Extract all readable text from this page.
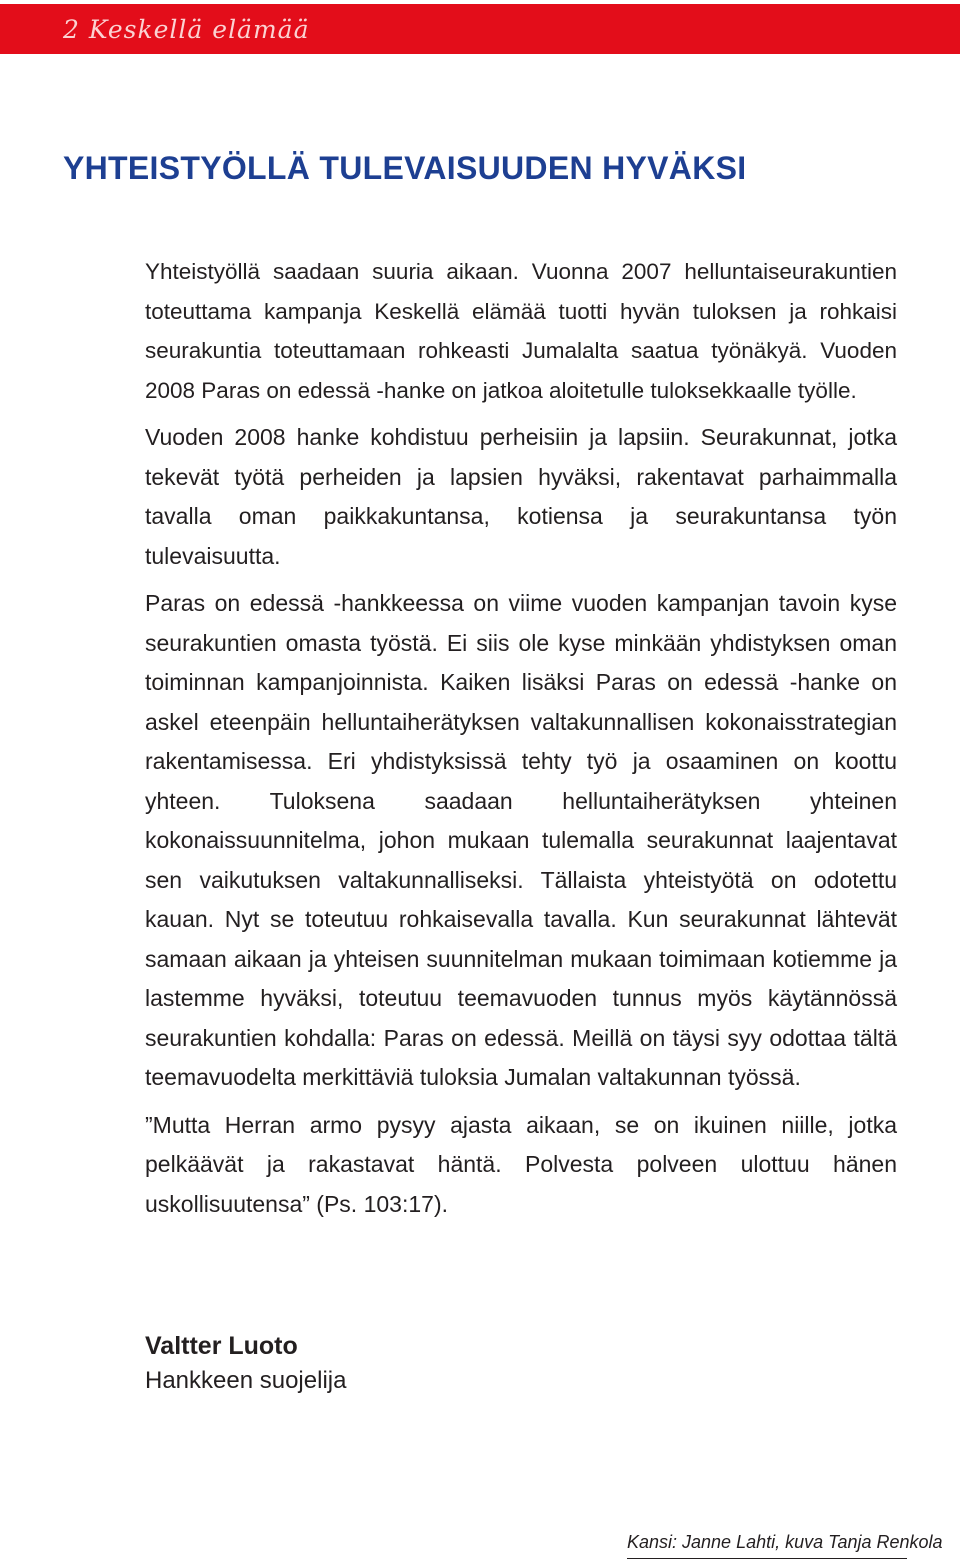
2 Keskellä elämää
YHTEISTYÖLLÄ TULEVAISUUDEN HYVÄKSI

Yhteistyöllä saadaan suuria aikaan. Vuonna 2007 helluntaiseurakuntien toteuttama kampanja Keskellä elämää tuotti hyvän tuloksen ja rohkaisi seurakuntia toteuttamaan rohkeasti Jumalalta saatua työnäkyä. Vuoden 2008 Paras on edessä -hanke on jatkoa aloitetulle tuloksekkaalle työlle.

Vuoden 2008 hanke kohdistuu perheisiin ja lapsiin. Seurakunnat, jotka tekevät työtä perheiden ja lapsien hyväksi, rakentavat parhaimmalla tavalla oman paikkakuntansa, kotiensa ja seurakuntansa työn tulevaisuutta.

Paras on edessä -hankkeessa on viime vuoden kampanjan tavoin kyse seurakuntien omasta työstä. Ei siis ole kyse minkään yhdistyksen oman toiminnan kampanjoinnista. Kaiken lisäksi Paras on edessä -hanke on askel eteenpäin helluntaiherätyksen valtakunnallisen kokonaisstrategian rakentamisessa. Eri yhdistyksissä tehty työ ja osaaminen on koottu yhteen. Tuloksena saadaan helluntaiherätyksen yhteinen kokonaissuunnitelma, johon mukaan tulemalla seurakunnat laajentavat sen vaikutuksen valtakunnalliseksi. Tällaista yhteistyötä on odotettu kauan. Nyt se toteutuu rohkaisevalla tavalla. Kun seurakunnat lähtevät samaan aikaan ja yhteisen suunnitelman mukaan toimimaan kotiemme ja lastemme hyväksi, toteutuu teemavuoden tunnus myös käytännössä seurakuntien kohdalla: Paras on edessä. Meillä on täysi syy odottaa tältä teemavuodelta merkittäviä tuloksia Jumalan valtakunnan työssä.

”Mutta Herran armo pysyy ajasta aikaan, se on ikuinen niille, jotka pelkäävät ja rakastavat häntä. Polvesta polveen ulottuu hänen uskollisuutensa” (Ps. 103:17).

Valtter Luoto
Hankkeen suojelija
Kansi: Janne Lahti, kuva Tanja Renkola
